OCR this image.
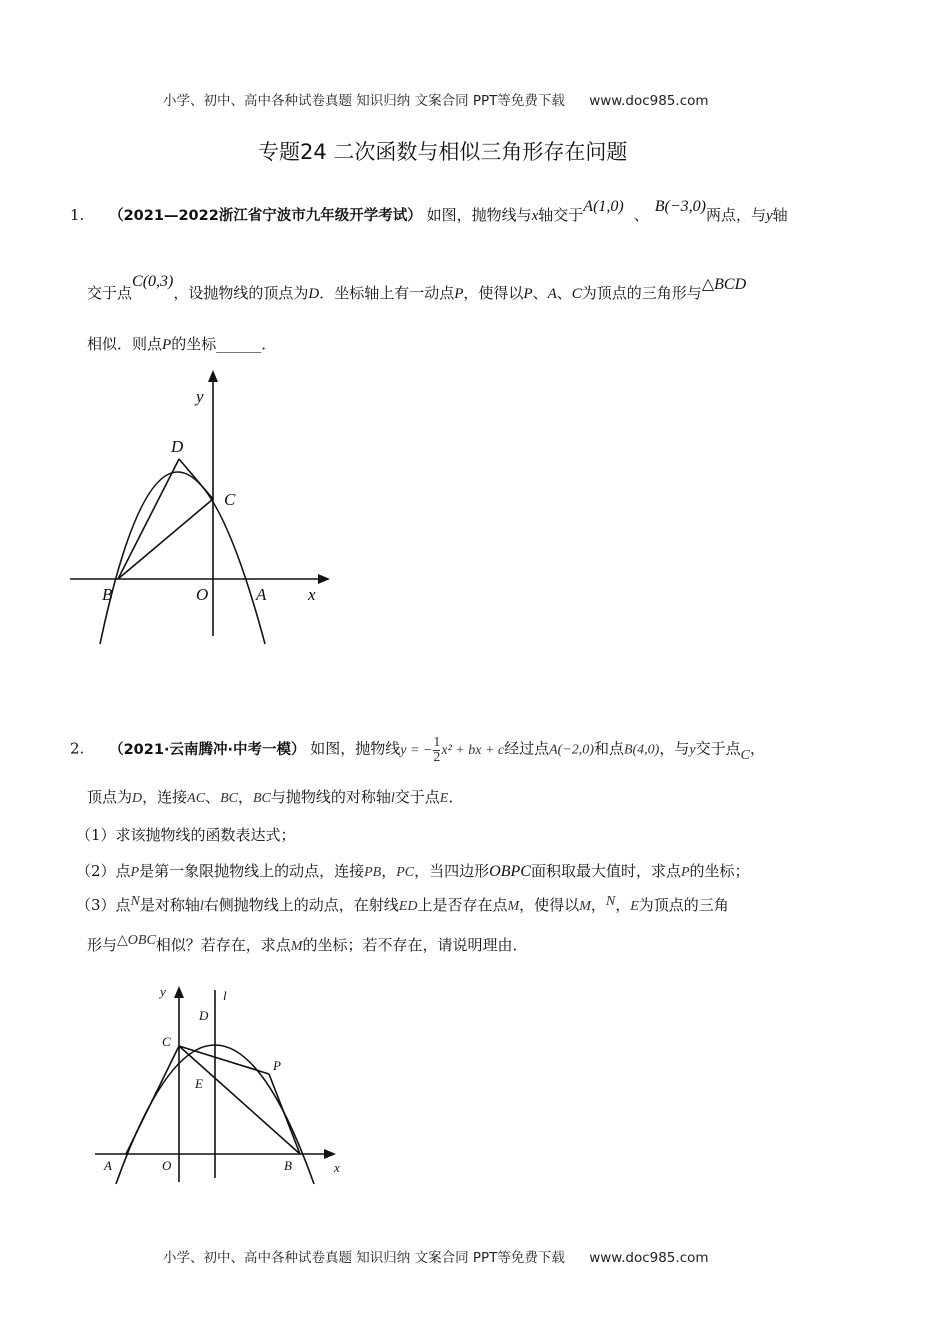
小学、初中、高中各种试卷真题 知识归纳 文案合同 PPT等免费下载 www.doc985.com
专题24 二次函数与相似三角形存在问题
1. （2021—2022浙江省宁波市九年级开学考试） 如图，抛物线与x轴交于A(1,0) 、 B(−3,0)两点，与y轴
交于点C(0,3)，设抛物线的顶点为D．坐标轴上有一动点P，使得以P、A、C为顶点的三角形与△BCD
相似．则点P的坐标______．
y
D
C
B	O	A x
2. （2021·云南腾冲·中考一模） 如图，抛物线y = − $\frac{1}{2} x^2$ + bx + c经过点A(−2,0)和点B(4,0)，与y交于点C，
顶点为D，连接AC、BC，BC与抛物线的对称轴l交于点E．
（1）求该抛物线的函数表达式；
（2）点P是第一象限抛物线上的动点，连接PB，PC，当四边形OBPC面积取最大值时，求点P的坐标；
（3）点N是对称轴l右侧抛物线上的动点，在射线ED上是否存在点M，使得以M，N，E为顶点的三角
形与△OBC相似？若存在，求点M的坐标；若不存在，请说明理由．
y	l
D
C
P
E
A	O	B	x
小学、初中、高中各种试卷真题 知识归纳 文案合同 PPT等免费下载 www.doc985.com
